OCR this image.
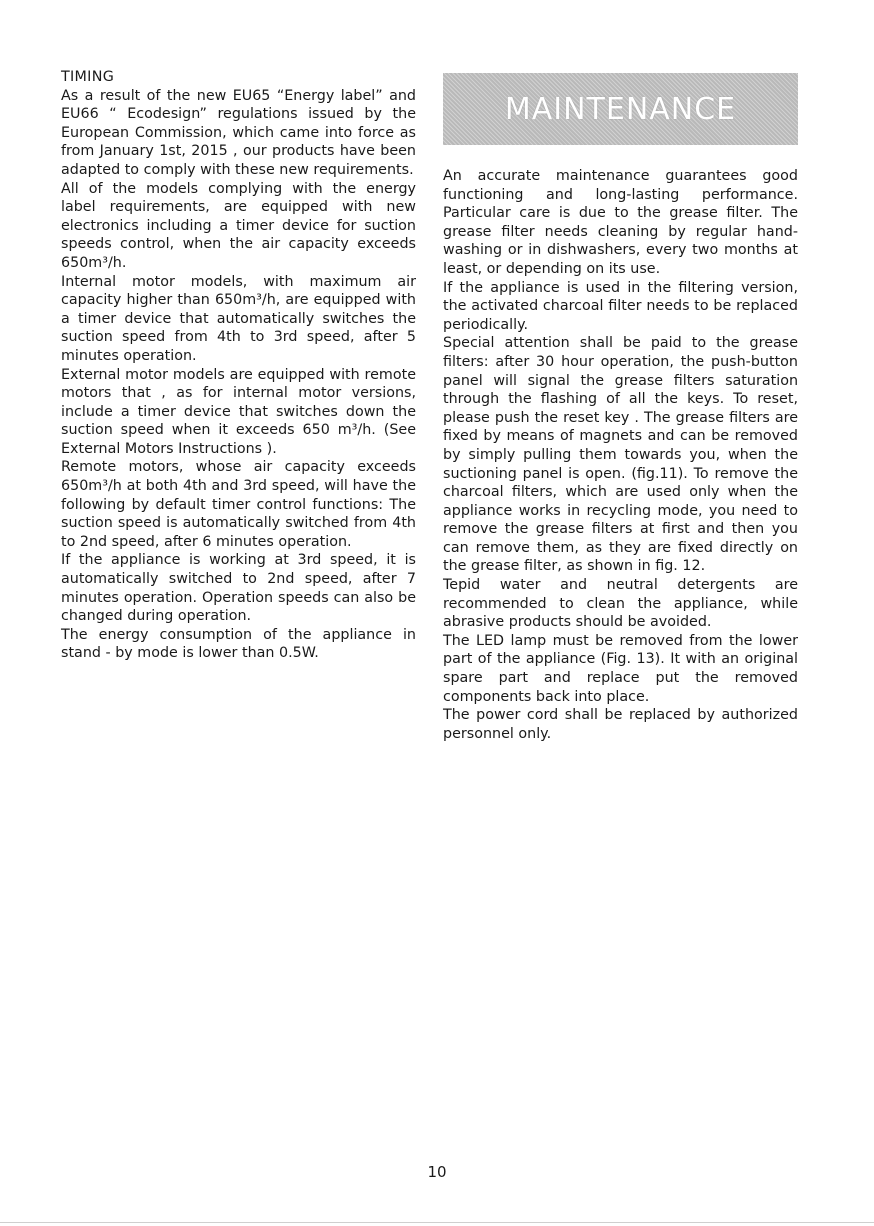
TIMING

As a result of the new EU65 “Energy label” and EU66 “ Ecodesign” regulations issued by the European Commission, which came into force as from January 1st, 2015 , our products have been adapted to comply with these new requirements.

All of the models complying with the energy label requirements, are equipped with new electronics including a timer device for suction speeds control, when the air capacity exceeds 650m³/h.

Internal motor models, with maximum air capacity higher than 650m³/h, are equipped with a timer device that automatically switches the suction speed from 4th to 3rd speed, after 5 minutes operation.

External motor models are equipped with remote motors that , as for internal motor versions, include a timer device that switches down the suction speed when it exceeds 650 m³/h. (See External Motors Instructions ).

Remote motors, whose air capacity exceeds 650m³/h at both 4th and 3rd speed, will have the following by default timer control functions: The suction speed is automatically switched from 4th to 2nd speed, after 6 minutes operation.

If the appliance is working at 3rd speed, it is automatically switched to 2nd speed, after 7 minutes operation. Operation speeds can also be changed during operation.

The energy consumption of the appliance in stand - by mode is lower than 0.5W.

MAINTENANCE

An accurate maintenance guarantees good functioning and long-lasting performance. Particular care is due to the grease filter. The grease filter needs cleaning by regular hand-washing or in dishwashers, every two months at least, or depending on its use.

If the appliance is used in the filtering version, the activated charcoal filter needs to be replaced periodically.

Special attention shall be paid to the grease filters: after 30 hour operation, the push-button panel will signal the grease filters saturation through the flashing of all the keys. To reset, please push the reset key . The grease filters are fixed by means of magnets and can be removed by simply pulling them towards you, when the suctioning panel is open. (fig.11). To remove the charcoal filters, which are used only when the appliance works in recycling mode, you need to remove the grease filters at first and then you can remove them, as they are fixed directly on the grease filter, as shown in fig. 12.

Tepid water and neutral detergents are recommended to clean the appliance, while abrasive products should be avoided.

The LED lamp must be removed from the lower part of the appliance (Fig. 13). It with an original spare part and replace put the removed components back into place.

The power cord shall be replaced by authorized personnel only.

10
